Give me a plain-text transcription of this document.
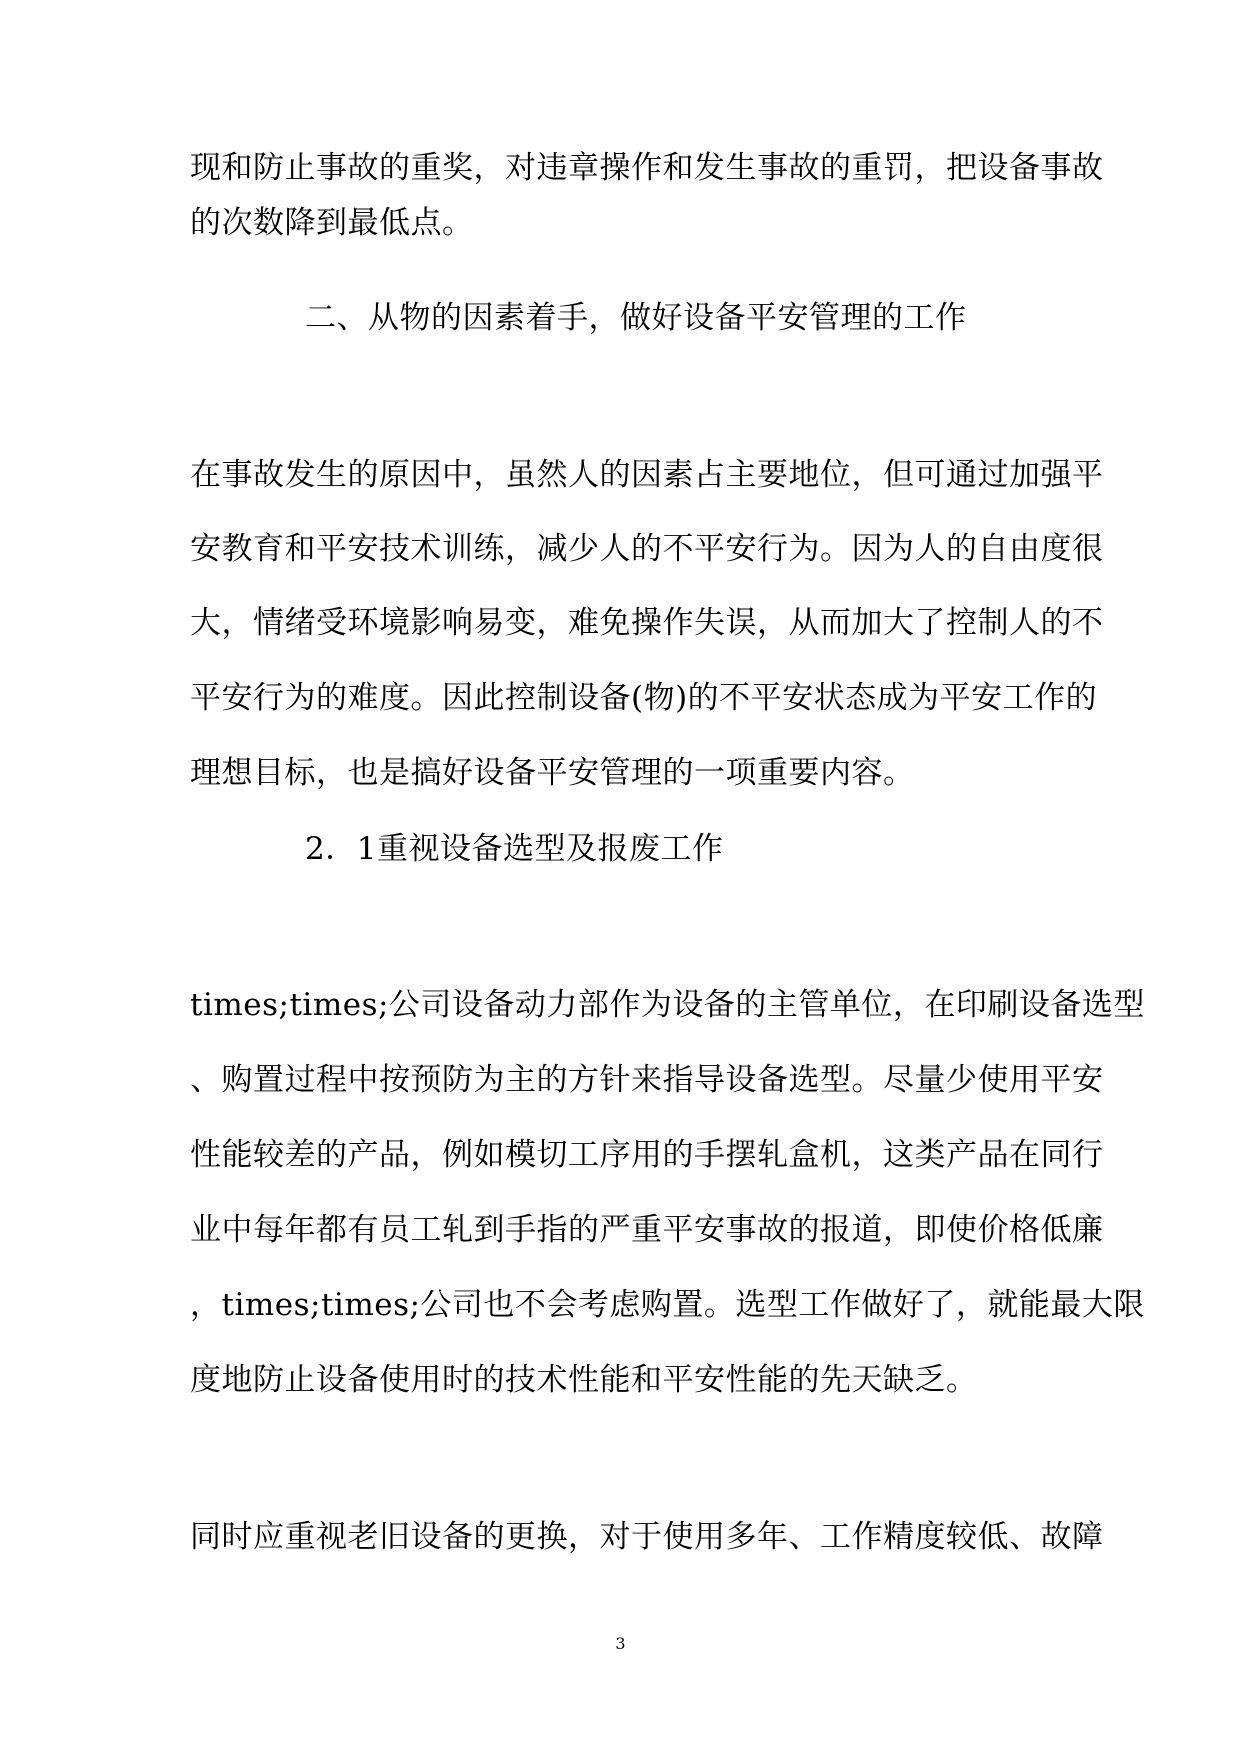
现和防止事故的重奖，对违章操作和发生事故的重罚，把设备事故
的次数降到最低点。
二、从物的因素着手，做好设备平安管理的工作
在事故发生的原因中，虽然人的因素占主要地位，但可通过加强平
安教育和平安技术训练，减少人的不平安行为。因为人的自由度很
大，情绪受环境影响易变，难免操作失误，从而加大了控制人的不
平安行为的难度。因此控制设备(物)的不平安状态成为平安工作的
理想目标，也是搞好设备平安管理的一项重要内容。
2．1重视设备选型及报废工作
times;times;公司设备动力部作为设备的主管单位，在印刷设备选型
、购置过程中按预防为主的方针来指导设备选型。尽量少使用平安
性能较差的产品，例如模切工序用的手摆轧盒机，这类产品在同行
业中每年都有员工轧到手指的严重平安事故的报道，即使价格低廉
，times;times;公司也不会考虑购置。选型工作做好了，就能最大限
度地防止设备使用时的技术性能和平安性能的先天缺乏。
同时应重视老旧设备的更换，对于使用多年、工作精度较低、故障
3
